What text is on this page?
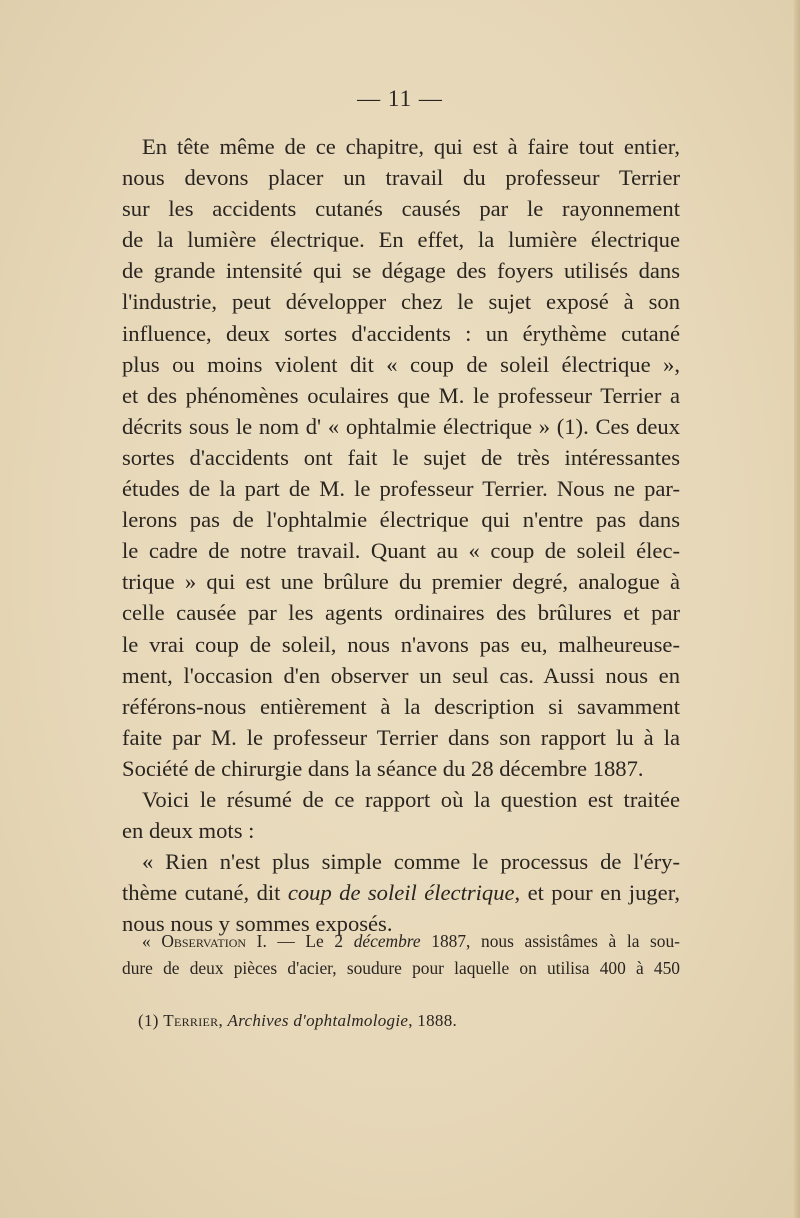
— 11 —
En tête même de ce chapitre, qui est à faire tout entier,
nous devons placer un travail du professeur Terrier
sur les accidents cutanés causés par le rayonnement
de la lumière électrique. En effet, la lumière électrique
de grande intensité qui se dégage des foyers utilisés dans
l'industrie, peut développer chez le sujet exposé à son
influence, deux sortes d'accidents : un érythème cutané
plus ou moins violent dit « coup de soleil électrique »,
et des phénomènes oculaires que M. le professeur Terrier a
décrits sous le nom d' « ophtalmie électrique » (1). Ces deux
sortes d'accidents ont fait le sujet de très intéressantes
études de la part de M. le professeur Terrier. Nous ne par-
lerons pas de l'ophtalmie électrique qui n'entre pas dans
le cadre de notre travail. Quant au « coup de soleil élec-
trique » qui est une brûlure du premier degré, analogue à
celle causée par les agents ordinaires des brûlures et par
le vrai coup de soleil, nous n'avons pas eu, malheureuse-
ment, l'occasion d'en observer un seul cas. Aussi nous en
référons-nous entièrement à la description si savamment
faite par M. le professeur Terrier dans son rapport lu à la
Société de chirurgie dans la séance du 28 décembre 1887.
Voici le résumé de ce rapport où la question est traitée
en deux mots :
« Rien n'est plus simple comme le processus de l'éry-
thème cutané, dit coup de soleil électrique, et pour en juger,
nous nous y sommes exposés.
« Observation I. — Le 2 décembre 1887, nous assistâmes à la sou-
dure de deux pièces d'acier, soudure pour laquelle on utilisa 400 à 450
(1) Terrier, Archives d'ophtalmologie, 1888.
